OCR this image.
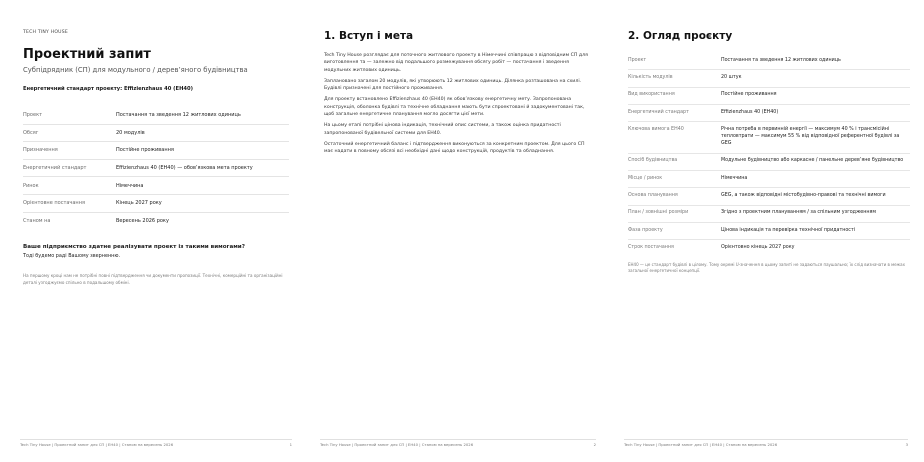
TECH TINY HOUSE
Проектний запит
Субпідрядник (СП) для модульного / дерев’яного будівництва
Енергетичний стандарт проекту: Effizienzhaus 40 (EH40)
Проект	Постачання та зведення 12 житлових одиниць
Обсяг	20 модулів
Призначення	Постійне проживання
Енергетичний стандарт	Effizienzhaus 40 (EH40) — обов’язкова мета проекту
Ринок	Німеччина
Орієнтовне постачання	Кінець 2027 року
Станом на	Вересень 2026 року
Ваше підприємство здатне реалізувати проект із такими вимогами?
Тоді будемо раді Вашому зверненню.
На першому кроці нам не потрібні повні підтвердження чи документи пропозиції. Технічні, комерційні та організаційні деталі узгоджуємо спільно в подальшому обміні.
Tech Tiny House | Проектний запит для СП | EH40 | Станом на вересень 2026	1
1. Вступ і мета

Tech Tiny House розглядає для поточного житлового проекту в Німеччині співпрацю з відповідним СП для виготовлення та — залежно від подальшого розмежування обсягу робіт — постачання і зведення модульних житлових одиниць.

Заплановано загалом 20 модулів, які утворюють 12 житлових одиниць. Ділянка розташована на схилі. Будівлі призначені для постійного проживання.

Для проекту встановлено Effizienzhaus 40 (EH40) як обов’язкову енергетичну мету. Запропонована конструкція, оболонка будівлі та технічне обладнання мають бути спроектовані й задокументовані так, щоб загальне енергетичне планування могло досягти цієї мети.

На цьому етапі потрібні цінова індикація, технічний опис системи, а також оцінка придатності запропонованої будівельної системи для EH40.

Остаточний енергетичний баланс і підтвердження виконуються за конкретним проектом. Для цього СП має надати в повному обсязі всі необхідні дані щодо конструкцій, продуктів та обладнання.

Tech Tiny House | Проектний запит для СП | EH40 | Станом на вересень 2026	2
2. Огляд проєкту
Проект	Постачання та зведення 12 житлових одиниць
Кількість модулів	20 штук
Вид використання	Постійне проживання
Енергетичний стандарт	Effizienzhaus 40 (EH40)
Ключова вимога EH40	Річна потреба в первинній енергії — максимум 40 % і трансмісійні тепловтрати — максимум 55 % від відповідної референтної будівлі за GEG
Спосіб будівництва	Модульне будівництво або каркасне / панельне дерев’яне будівництво
Місце / ринок	Німеччина
Основа планування	GEG, а також відповідні містобудівно-правові та технічні вимоги
План / зовнішні розміри	Згідно з проектним плануванням / за спільним узгодженням
Фаза проекту	Цінова індикація та перевірка технічної придатності
Строк постачання	Орієнтовно кінець 2027 року
EH40 — це стандарт будівлі в цілому. Тому окремі U-значення в цьому запиті не задаються паушально; їх слід визначати в межах загальної енергетичної концепції.
Tech Tiny House | Проектний запит для СП | EH40 | Станом на вересень 2026	3
